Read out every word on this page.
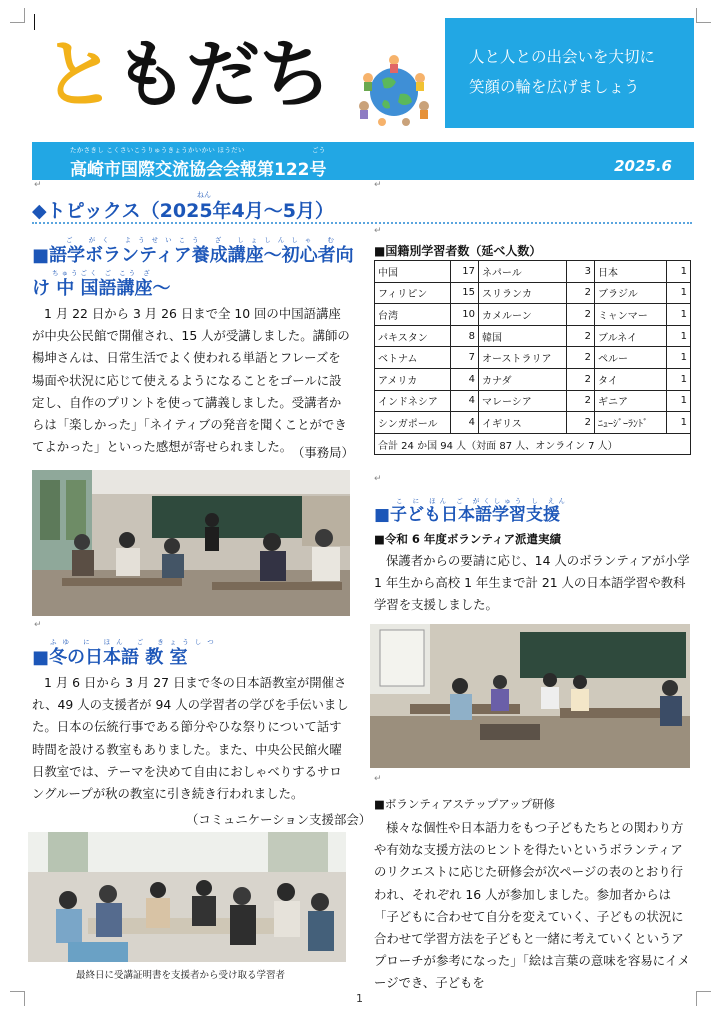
ともだち	人と人との出会いを大切に
笑顔の輪を広げましょう
たかさきし こくさいこうりゅうきょうかいかい ほうだい	ごう
高崎市国際交流協会会報第122号	2025.6
↵	↵
ねん
◆トピックス（2025年4月～5月）
↵
ご がく ようせいこう ざ しょしんしゃ む
■語学ボランティア養成講座～初心者向
ちゅうごく ご こう ざ
け 中 国語講座～
1 月 22 日から 3 月 26 日まで全 10 回の中国語講座が中央公民館で開催され、15 人が受講しました。講師の楊坤さんは、日常生活でよく使われる単語とフレーズを場面や状況に応じて使えるようになることをゴールに設定し、自作のプリントを使って講義しました。受講者からは「楽しかった」「ネイティブの発音を聞くことができてよかった」といった感想が寄せられました。 （事務局）
↵
ふゆ に ほん ご きょうしつ
■冬の日本語 教 室
1 月 6 日から 3 月 27 日まで冬の日本語教室が開催され、49 人の支援者が 94 人の学習者の学びを手伝いました。日本の伝統行事である節分やひな祭りについて話す時間を設ける教室もありました。また、中央公民館火曜日教室では、テーマを決めて自由におしゃべりするサロングループが秋の教室に引き続き行われました。
（コミュニケーション支援部会）
最終日に受講証明書を支援者から受け取る学習者
■国籍別学習者数（延べ人数）
中国	17	ネパール	3	日本	1
フィリピン	15	スリランカ	2	ブラジル	1
台湾	10	カメルーン	2	ミャンマー	1
パキスタン	8	韓国	2	ブルネイ	1
ベトナム	7	オーストラリア	2	ペルー	1
アメリカ	4	カナダ	2	タイ	1
インドネシア	4	マレーシア	2	ギニア	1
シンガポール	4	イギリス	2	ﾆｭｰｼﾞｰﾗﾝﾄﾞ	1
合計 24 か国 94 人（対面 87 人、オンライン 7 人）					
↵
こ に ほん ご がくしゅう し えん
■子ども日本語学習支援
■令和 6 年度ボランティア派遣実績
保護者からの要請に応じ、14 人のボランティアが小学 1 年生から高校 1 年生まで計 21 人の日本語学習や教科学習を支援しました。
↵
■ボランティアステップアップ研修
様々な個性や日本語力をもつ子どもたちとの関わり方や有効な支援方法のヒントを得たいというボランティアのリクエストに応じた研修会が次ページの表のとおり行われ、それぞれ 16 人が参加しました。参加者からは「子どもに合わせて自分を変えていく、子どもの状況に合わせて学習方法を子どもと一緒に考えていくというアプローチが参考になった」「絵は言葉の意味を容易にイメージでき、子どもを
1
